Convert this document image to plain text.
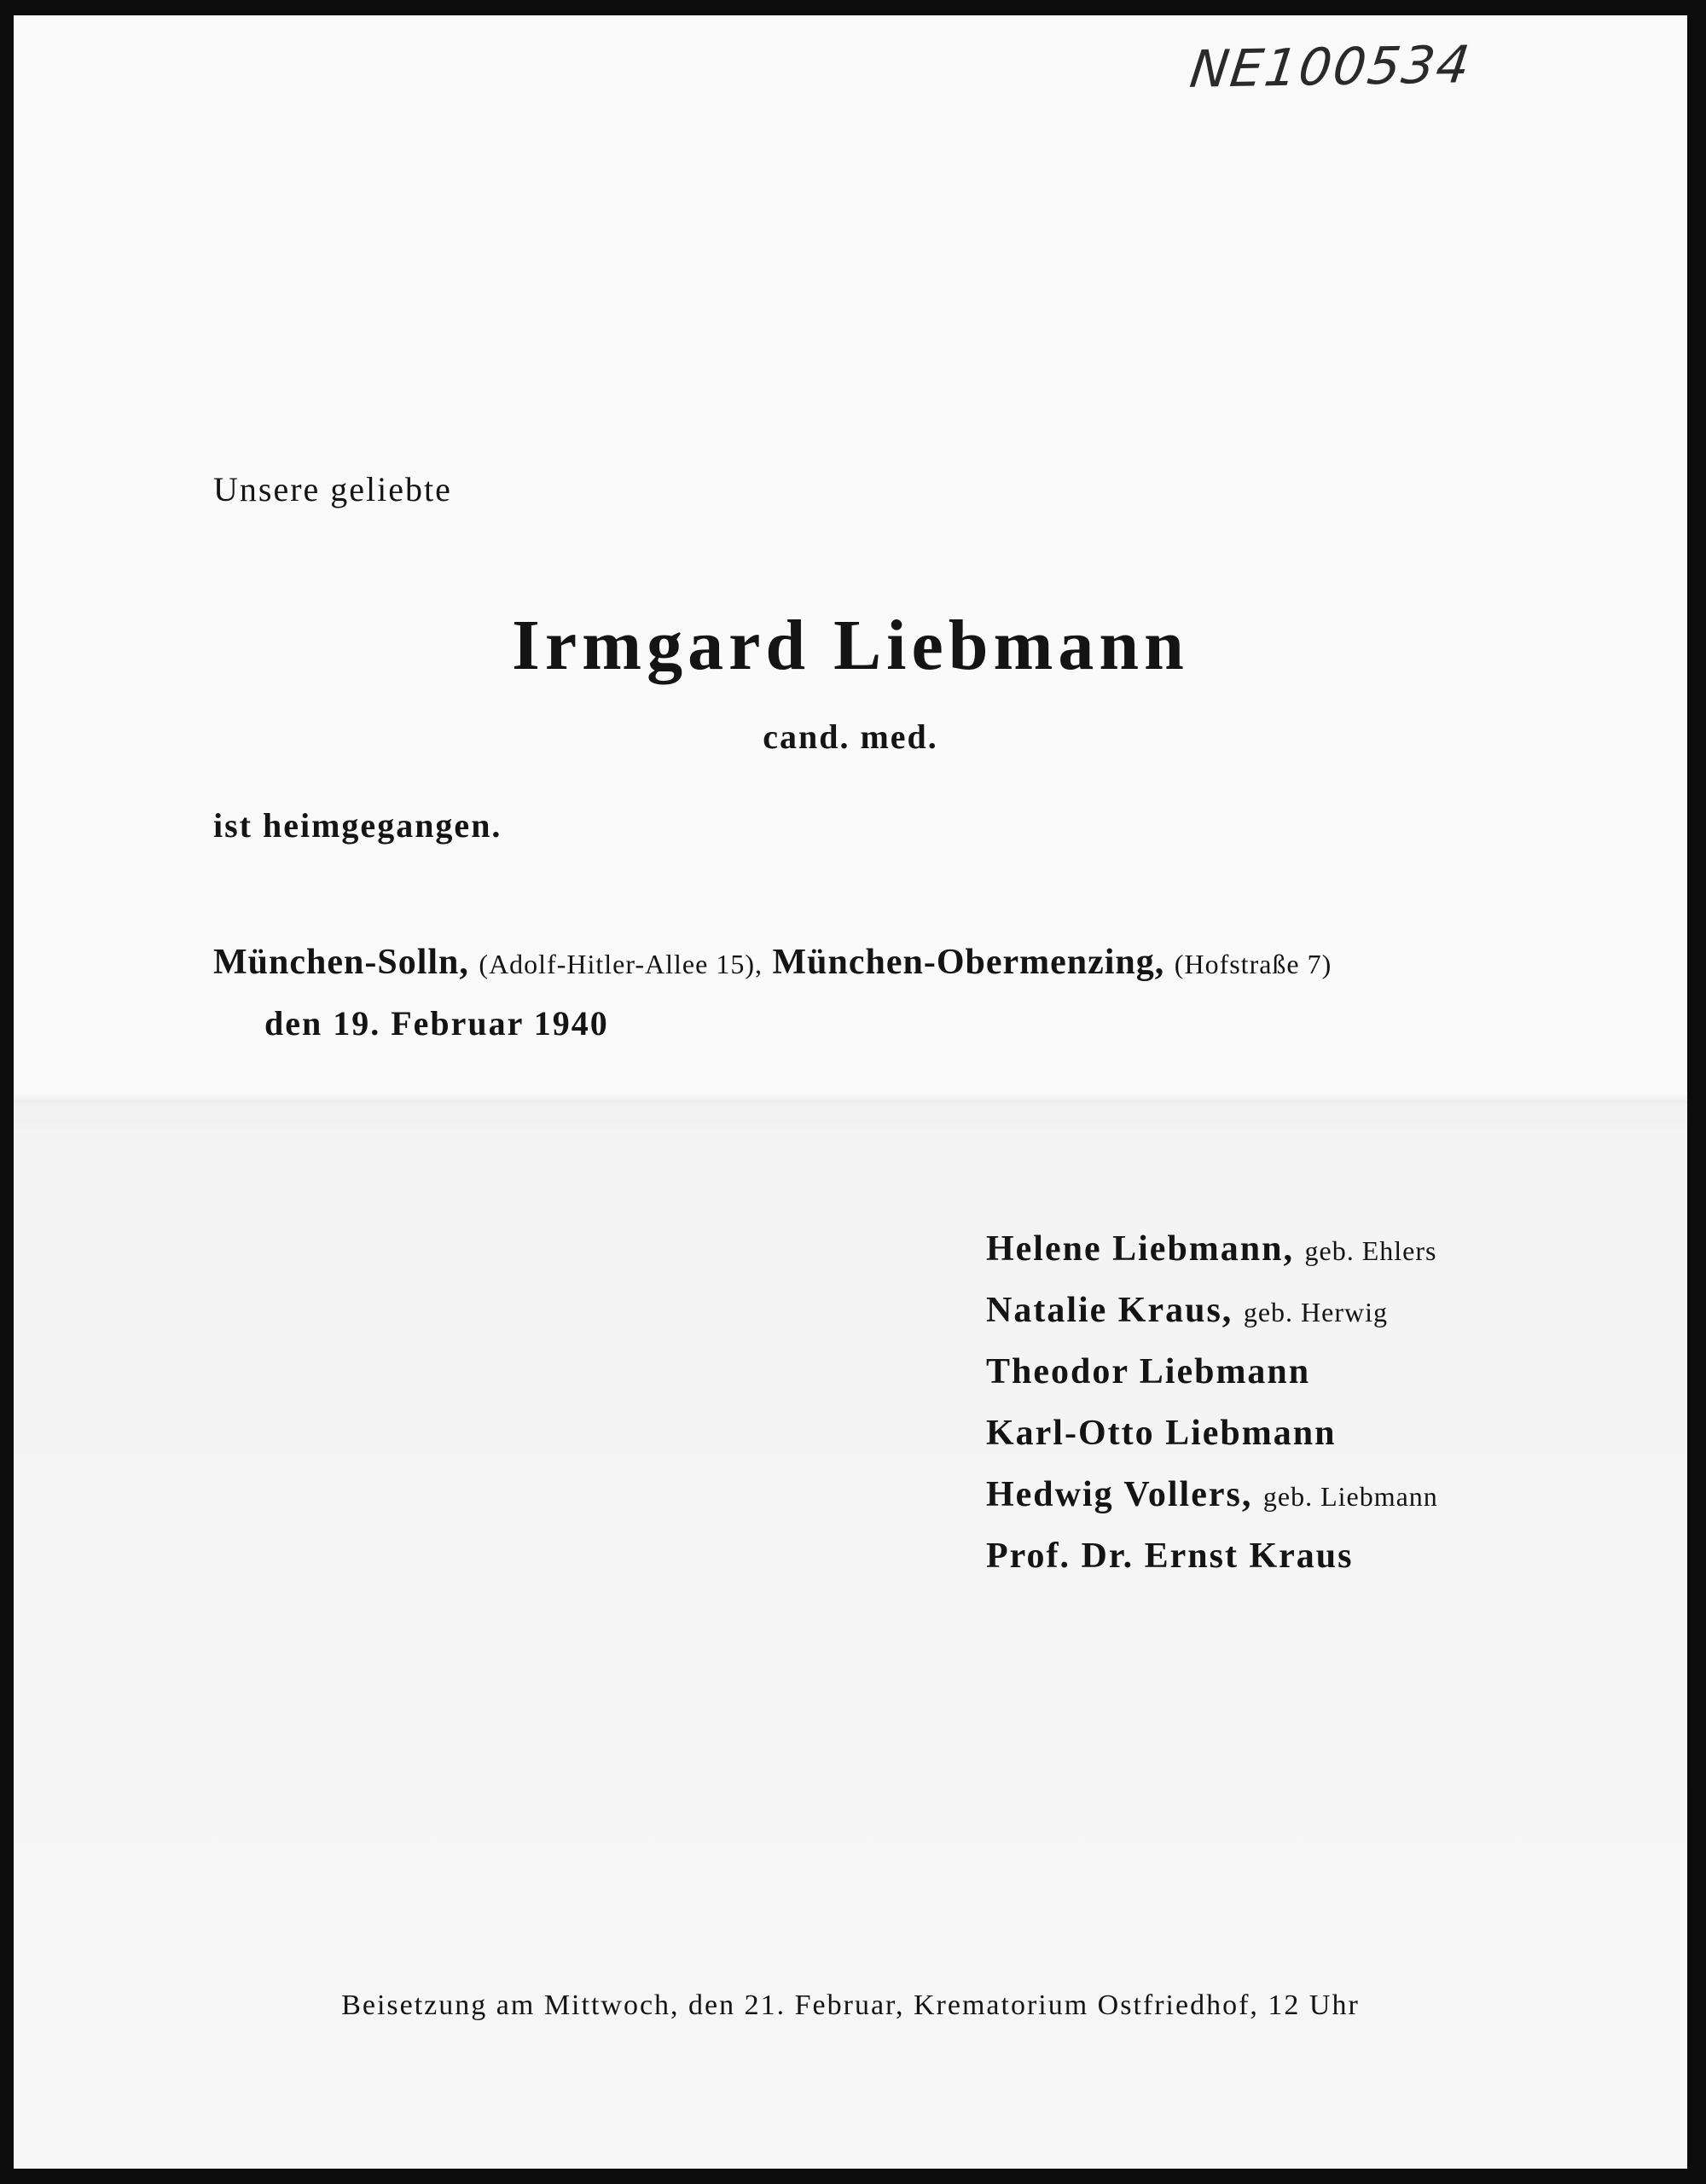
NE100534
Unsere geliebte
Irmgard Liebmann
cand. med.
ist heimgegangen.
München-Solln, (Adolf-Hitler-Allee 15), München-Obermenzing, (Hofstraße 7)
den 19. Februar 1940
Helene Liebmann, geb. Ehlers
Natalie Kraus, geb. Herwig
Theodor Liebmann
Karl-Otto Liebmann
Hedwig Vollers, geb. Liebmann
Prof. Dr. Ernst Kraus
Beisetzung am Mittwoch, den 21. Februar, Krematorium Ostfriedhof, 12 Uhr
